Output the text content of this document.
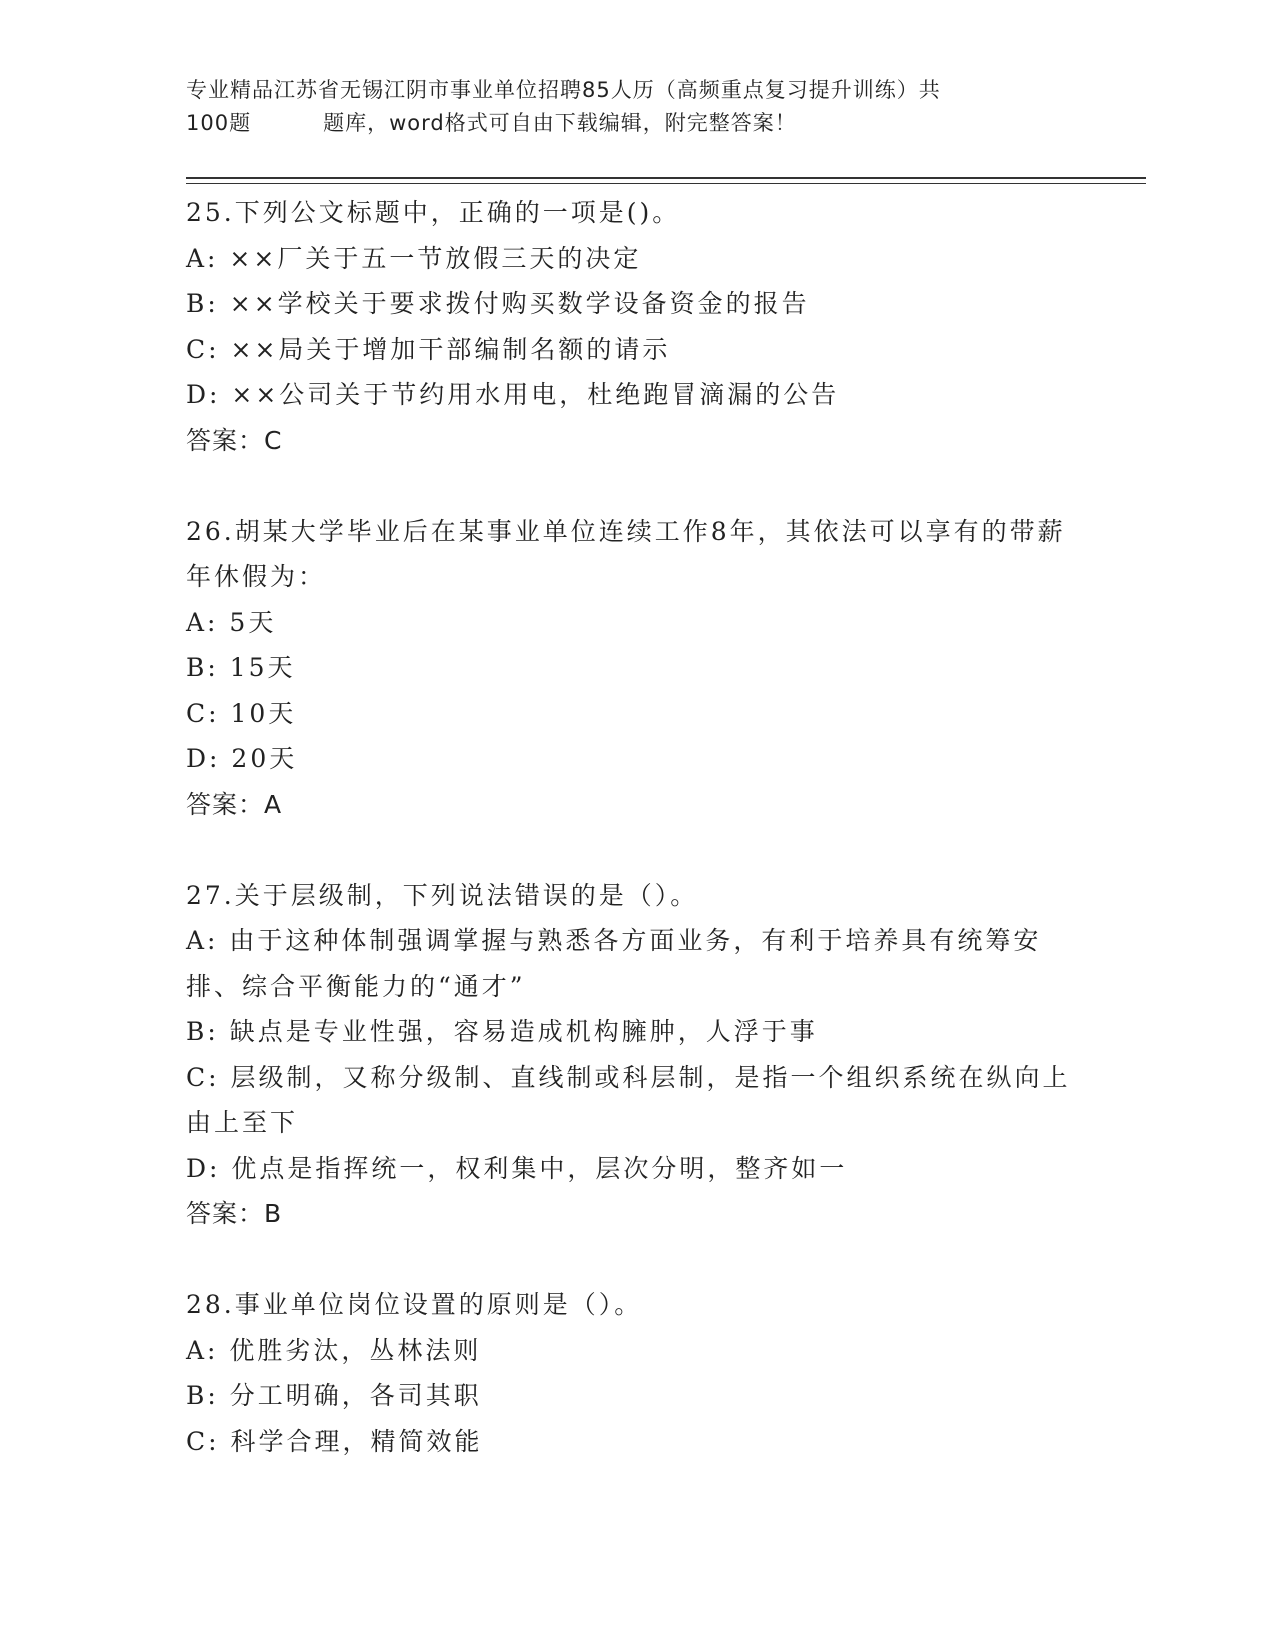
专业精品江苏省无锡江阴市事业单位招聘85人历（高频重点复习提升训练）共
100题	题库，word格式可自由下载编辑，附完整答案！
25.下列公文标题中，正确的一项是()。
A: ××厂关于五一节放假三天的决定
B: ××学校关于要求拨付购买数学设备资金的报告
C: ××局关于增加干部编制名额的请示
D: ××公司关于节约用水用电，杜绝跑冒滴漏的公告
答案：C
26.胡某大学毕业后在某事业单位连续工作8年，其依法可以享有的带薪年休假为：
A: 5天
B: 15天
C: 10天
D: 20天
答案：A
27.关于层级制，下列说法错误的是（）。
A: 由于这种体制强调掌握与熟悉各方面业务，有利于培养具有统筹安排、综合平衡能力的“通才”
B: 缺点是专业性强，容易造成机构臃肿，人浮于事
C: 层级制，又称分级制、直线制或科层制，是指一个组织系统在纵向上由上至下
D: 优点是指挥统一，权利集中，层次分明，整齐如一
答案：B
28.事业单位岗位设置的原则是（）。
A: 优胜劣汰，丛林法则
B: 分工明确，各司其职
C: 科学合理，精简效能
